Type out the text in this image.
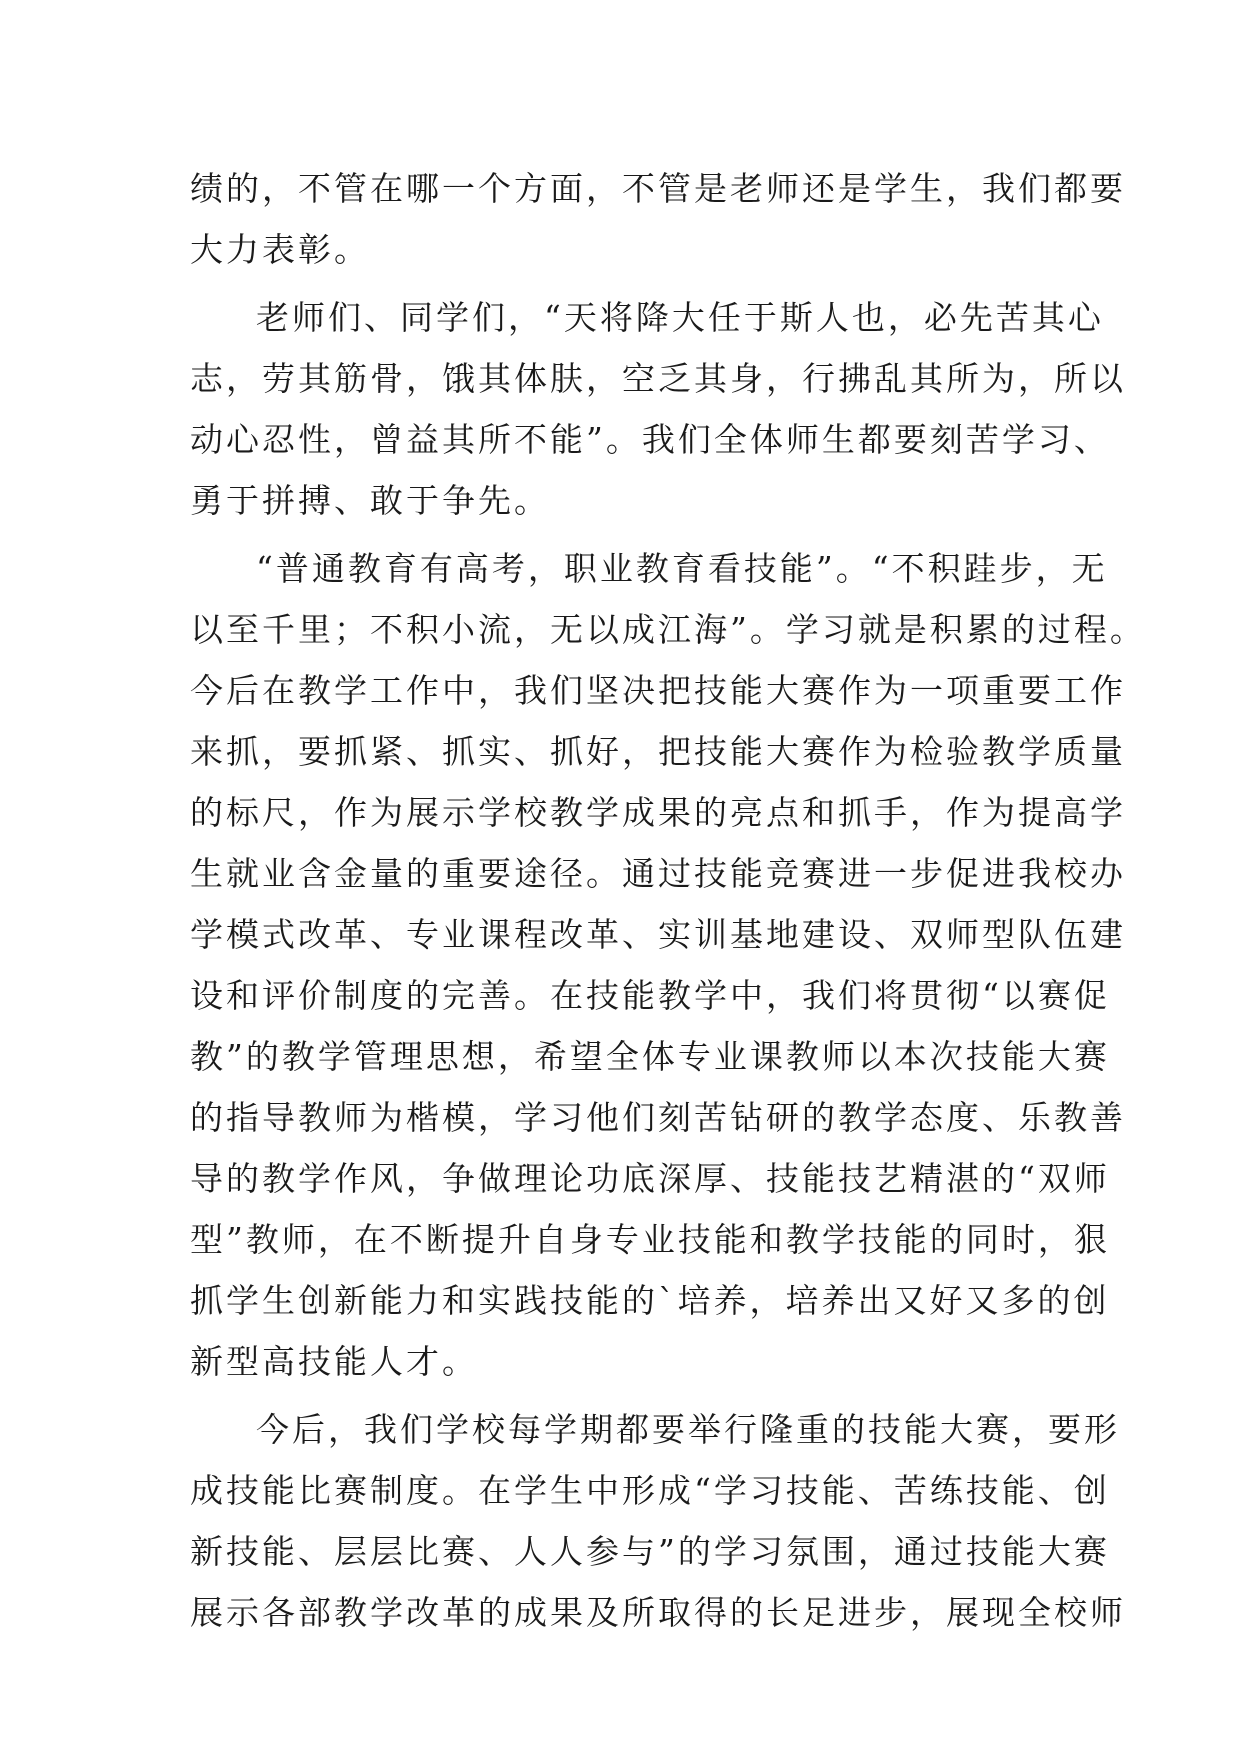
绩的，不管在哪一个方面，不管是老师还是学生，我们都要
大力表彰。
老师们、同学们，“天将降大任于斯人也，必先苦其心
志，劳其筋骨，饿其体肤，空乏其身，行拂乱其所为，所以
动心忍性，曾益其所不能”。我们全体师生都要刻苦学习、
勇于拼搏、敢于争先。
“普通教育有高考，职业教育看技能”。“不积跬步，无
以至千里；不积小流，无以成江海”。学习就是积累的过程。
今后在教学工作中，我们坚决把技能大赛作为一项重要工作
来抓，要抓紧、抓实、抓好，把技能大赛作为检验教学质量
的标尺，作为展示学校教学成果的亮点和抓手，作为提高学
生就业含金量的重要途径。通过技能竞赛进一步促进我校办
学模式改革、专业课程改革、实训基地建设、双师型队伍建
设和评价制度的完善。在技能教学中，我们将贯彻“以赛促
教”的教学管理思想，希望全体专业课教师以本次技能大赛
的指导教师为楷模，学习他们刻苦钻研的教学态度、乐教善
导的教学作风，争做理论功底深厚、技能技艺精湛的“双师
型”教师，在不断提升自身专业技能和教学技能的同时，狠
抓学生创新能力和实践技能的`培养，培养出又好又多的创
新型高技能人才。
今后，我们学校每学期都要举行隆重的技能大赛，要形
成技能比赛制度。在学生中形成“学习技能、苦练技能、创
新技能、层层比赛、人人参与”的学习氛围，通过技能大赛
展示各部教学改革的成果及所取得的长足进步，展现全校师
